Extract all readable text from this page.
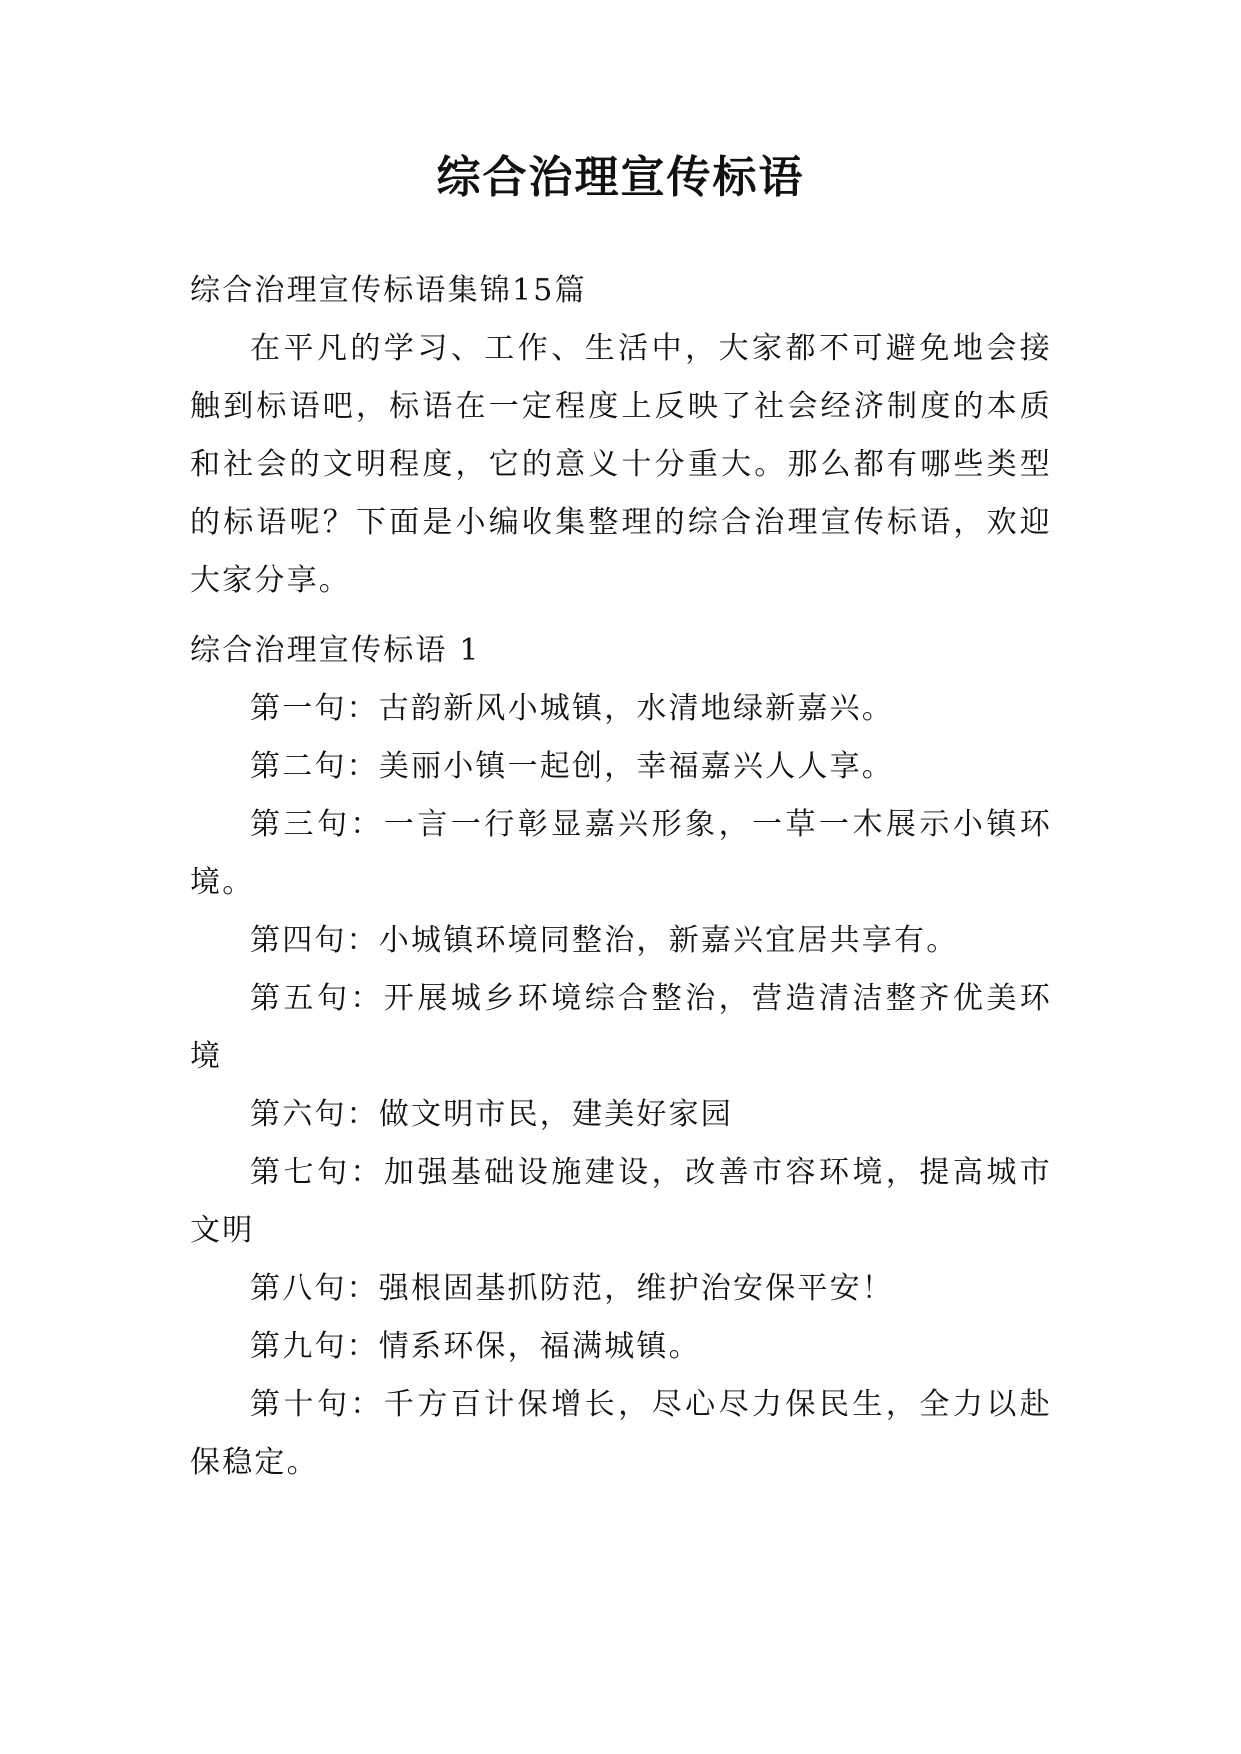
综合治理宣传标语

综合治理宣传标语集锦15篇

在平凡的学习、工作、生活中，大家都不可避免地会接触到标语吧，标语在一定程度上反映了社会经济制度的本质和社会的文明程度，它的意义十分重大。那么都有哪些类型的标语呢？下面是小编收集整理的综合治理宣传标语，欢迎大家分享。

综合治理宣传标语 1

第一句：古韵新风小城镇，水清地绿新嘉兴。

第二句：美丽小镇一起创，幸福嘉兴人人享。

第三句：一言一行彰显嘉兴形象，一草一木展示小镇环境。

第四句：小城镇环境同整治，新嘉兴宜居共享有。

第五句：开展城乡环境综合整治，营造清洁整齐优美环境

第六句：做文明市民，建美好家园

第七句：加强基础设施建设，改善市容环境，提高城市文明

第八句：强根固基抓防范，维护治安保平安！

第九句：情系环保，福满城镇。

第十句：千方百计保增长，尽心尽力保民生，全力以赴保稳定。
